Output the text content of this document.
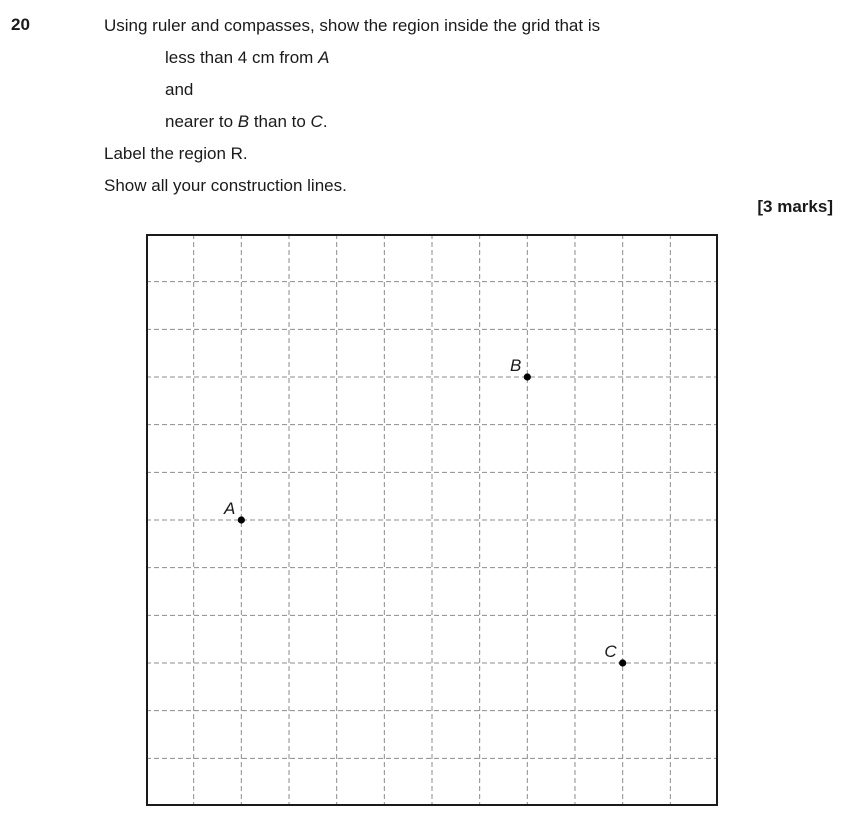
20	Using ruler and compasses, show the region inside the grid that is
less than 4 cm from A
and
nearer to B than to C.
Label the region R.
Show all your construction lines.
[3 marks]
A
B
C
